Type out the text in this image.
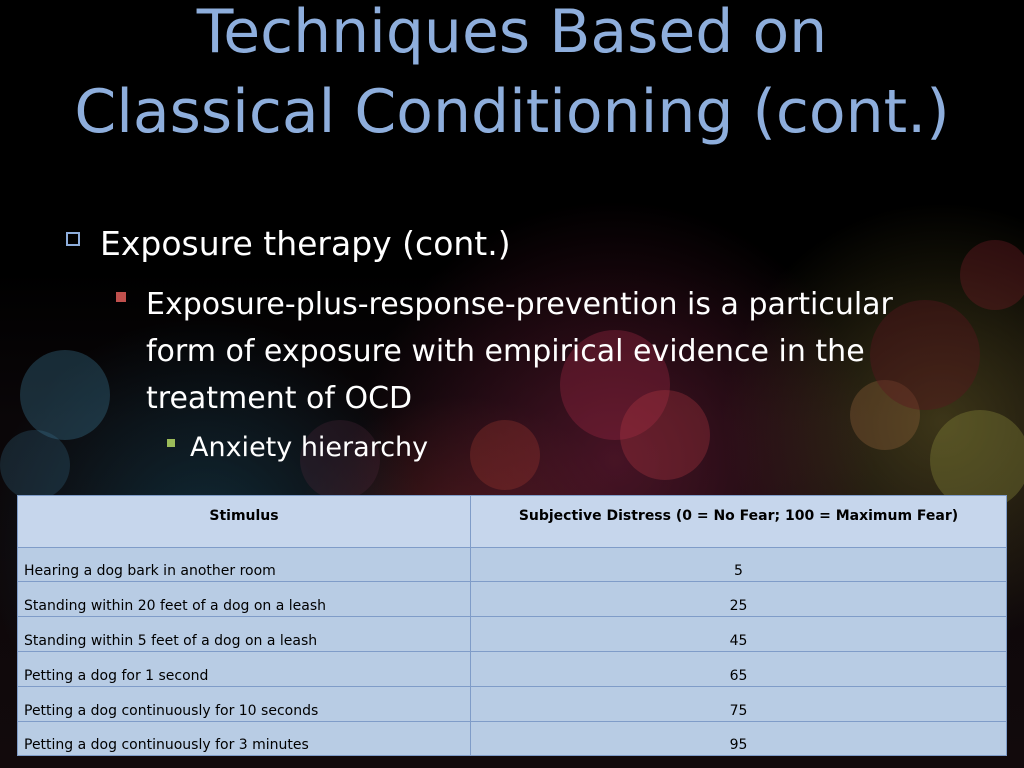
Techniques Based on Classical Conditioning (cont.)

Exposure therapy (cont.)

Exposure-plus-response-prevention is a particular form of exposure with empirical evidence in the treatment of OCD

Anxiety hierarchy

Stimulus	Subjective Distress (0 = No Fear; 100 = Maximum Fear)
Hearing a dog bark in another room	5
Standing within 20 feet of a dog on a leash	25
Standing within 5 feet of a dog on a leash	45
Petting a dog for 1 second	65
Petting a dog continuously for 10 seconds	75
Petting a dog continuously for 3 minutes	95
